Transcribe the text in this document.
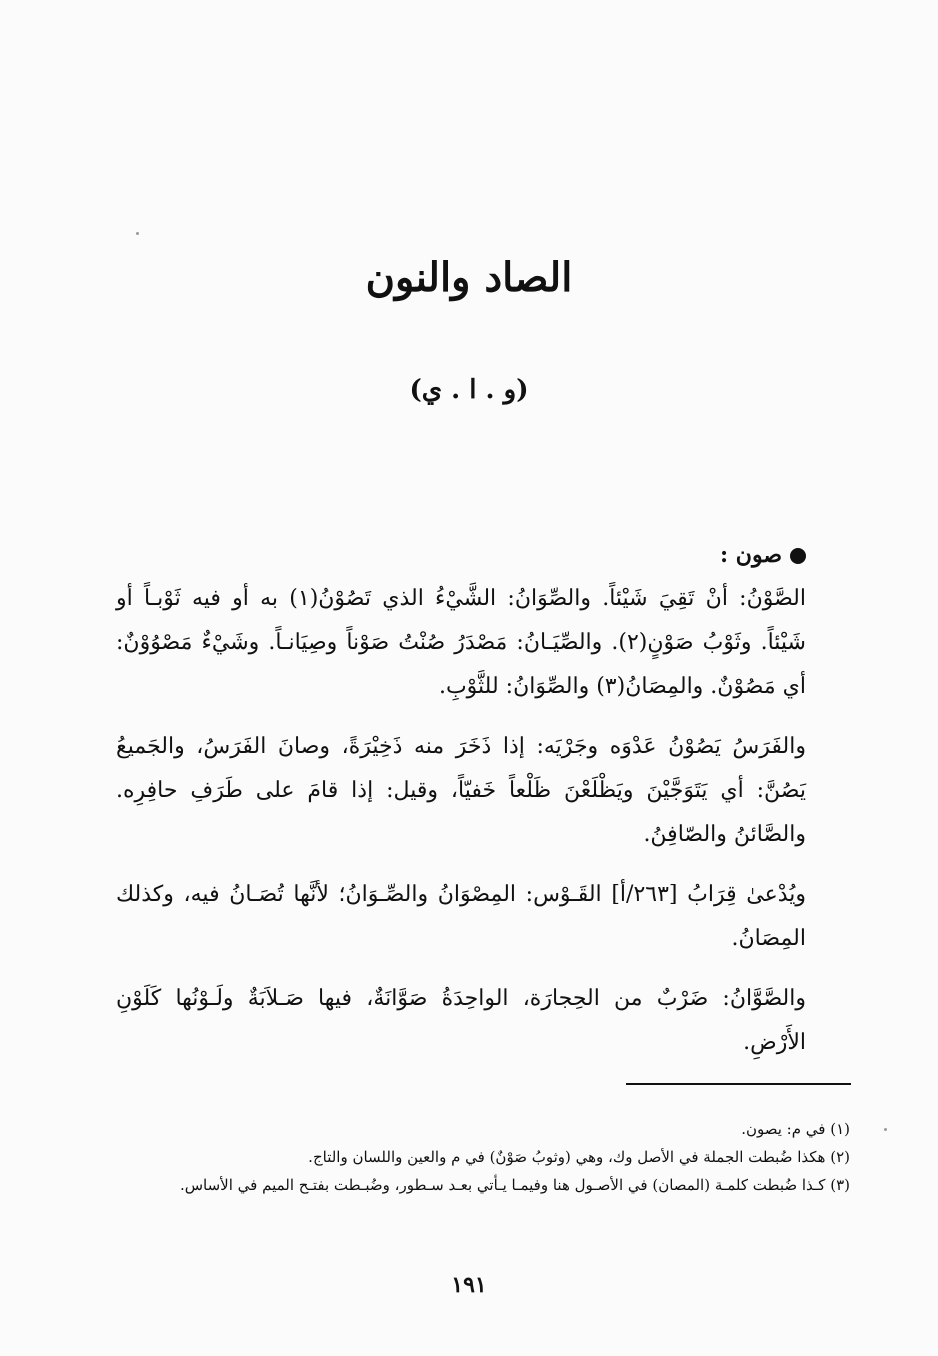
الصاد والنون
(و . ا . ي)

صون :

الصَّوْنُ: أنْ تَقِيَ شَيْئاً. والصِّوَانُ: الشَّيْءُ الذي تَصُوْنُ(١) به أو فيه ثَوْبـاً أو شَيْئاً. وثَوْبُ صَوْنٍ(٢). والصِّيَـانُ: مَصْدَرُ صُنْتُ صَوْناً وصِيَانـاً. وشَيْءٌ مَصْوُوْنٌ: أي مَصُوْنٌ. والمِصَانُ(٣) والصِّوَانُ: للثَّوْبِ.

والفَرَسُ يَصُوْنُ عَدْوَه وجَرْيَه: إذا ذَخَرَ منه ذَخِيْرَةً، وصانَ الفَرَسُ، والجَميعُ يَصُنَّ: أي يَتَوَجَّيْنَ ويَظْلَعْنَ ظَلْعاً خَفيّاً، وقيل: إذا قامَ على طَرَفِ حافِرِه. والصَّائنُ والصّافِنُ.

ويُدْعىٰ قِرَابُ [٢٦٣/أ] القَـوْس: المِصْوَانُ والصِّـوَانُ؛ لأنَّها تُصَـانُ فيه، وكذلك المِصَانُ.

والصَّوَّانُ: ضَرْبٌ من الحِجارَة، الواحِدَةُ صَوَّانَةٌ، فيها صَـلاَبَةٌ ولَـوْنُها كَلَوْنِ الأَرْضِ.

(١) في م: يصون.

(٢) هكذا ضُبطت الجملة في الأصل وك، وهي (وثوبُ صَوْنٌ) في م والعين واللسان والتاج.

(٣) كـذا ضُبطت كلمـة (المصان) في الأصـول هنا وفيمـا يـأتي بعـد سـطور، وضُبـطت بفتـح الميم في الأساس.

١٩١
